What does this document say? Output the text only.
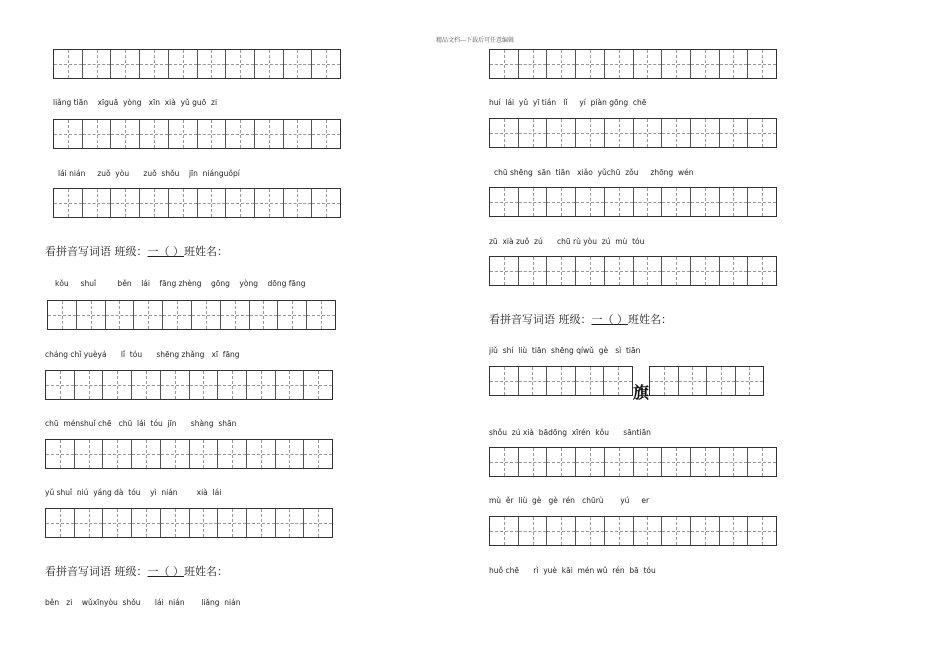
精品文档---下载后可任意编辑
liǎng tiān    xīguā  yòng   xīn  xià  yǔ guō  zi
lái nián     zuǒ  yòu      zuǒ  shǒu    jīn  niánguǒpí
看拼音写词语 班级：一（ ）班姓名：
kǒu     shuǐ         běn    lái    fāng zhèng    gōng    yòng    dōng fāng
cháng chǐ yuèyá      lǐ  tóu      shēng zhǎng   xī  fāng
chū  ménshuǐ chē   chū  lái  tóu  jīn      shàng  shān
yǔ shuǐ  niú  yáng dà  tóu    yì  nián        xià  lái
看拼音写词语 班级：一（ ）班姓名：
běn   zi    wǔxīnyòu  shǒu      lái  nián       liǎng  nián
huí  lái  yǔ  yī tián   lǐ     yí  piàn gōng  chē
chū shēng  sān  tiān   xiǎo  yǔchū  zǒu     zhōng  wén
zū  xià zuǒ  zú      chū rù yòu  zú  mù  tóu
看拼音写词语 班级：一（ ）班姓名：
jiǔ  shí  liù  tiān  shēng qíwǔ  gè   sì  tiān
旗
shǒu  zú xià  bādōng  xīrén  kǒu      sāntiān
mù  ěr  liù  gè   gè  rén   chūrù       yú     er
huǒ chē      rì  yuè  kāi  mén wǔ  rén  bā  tóu
